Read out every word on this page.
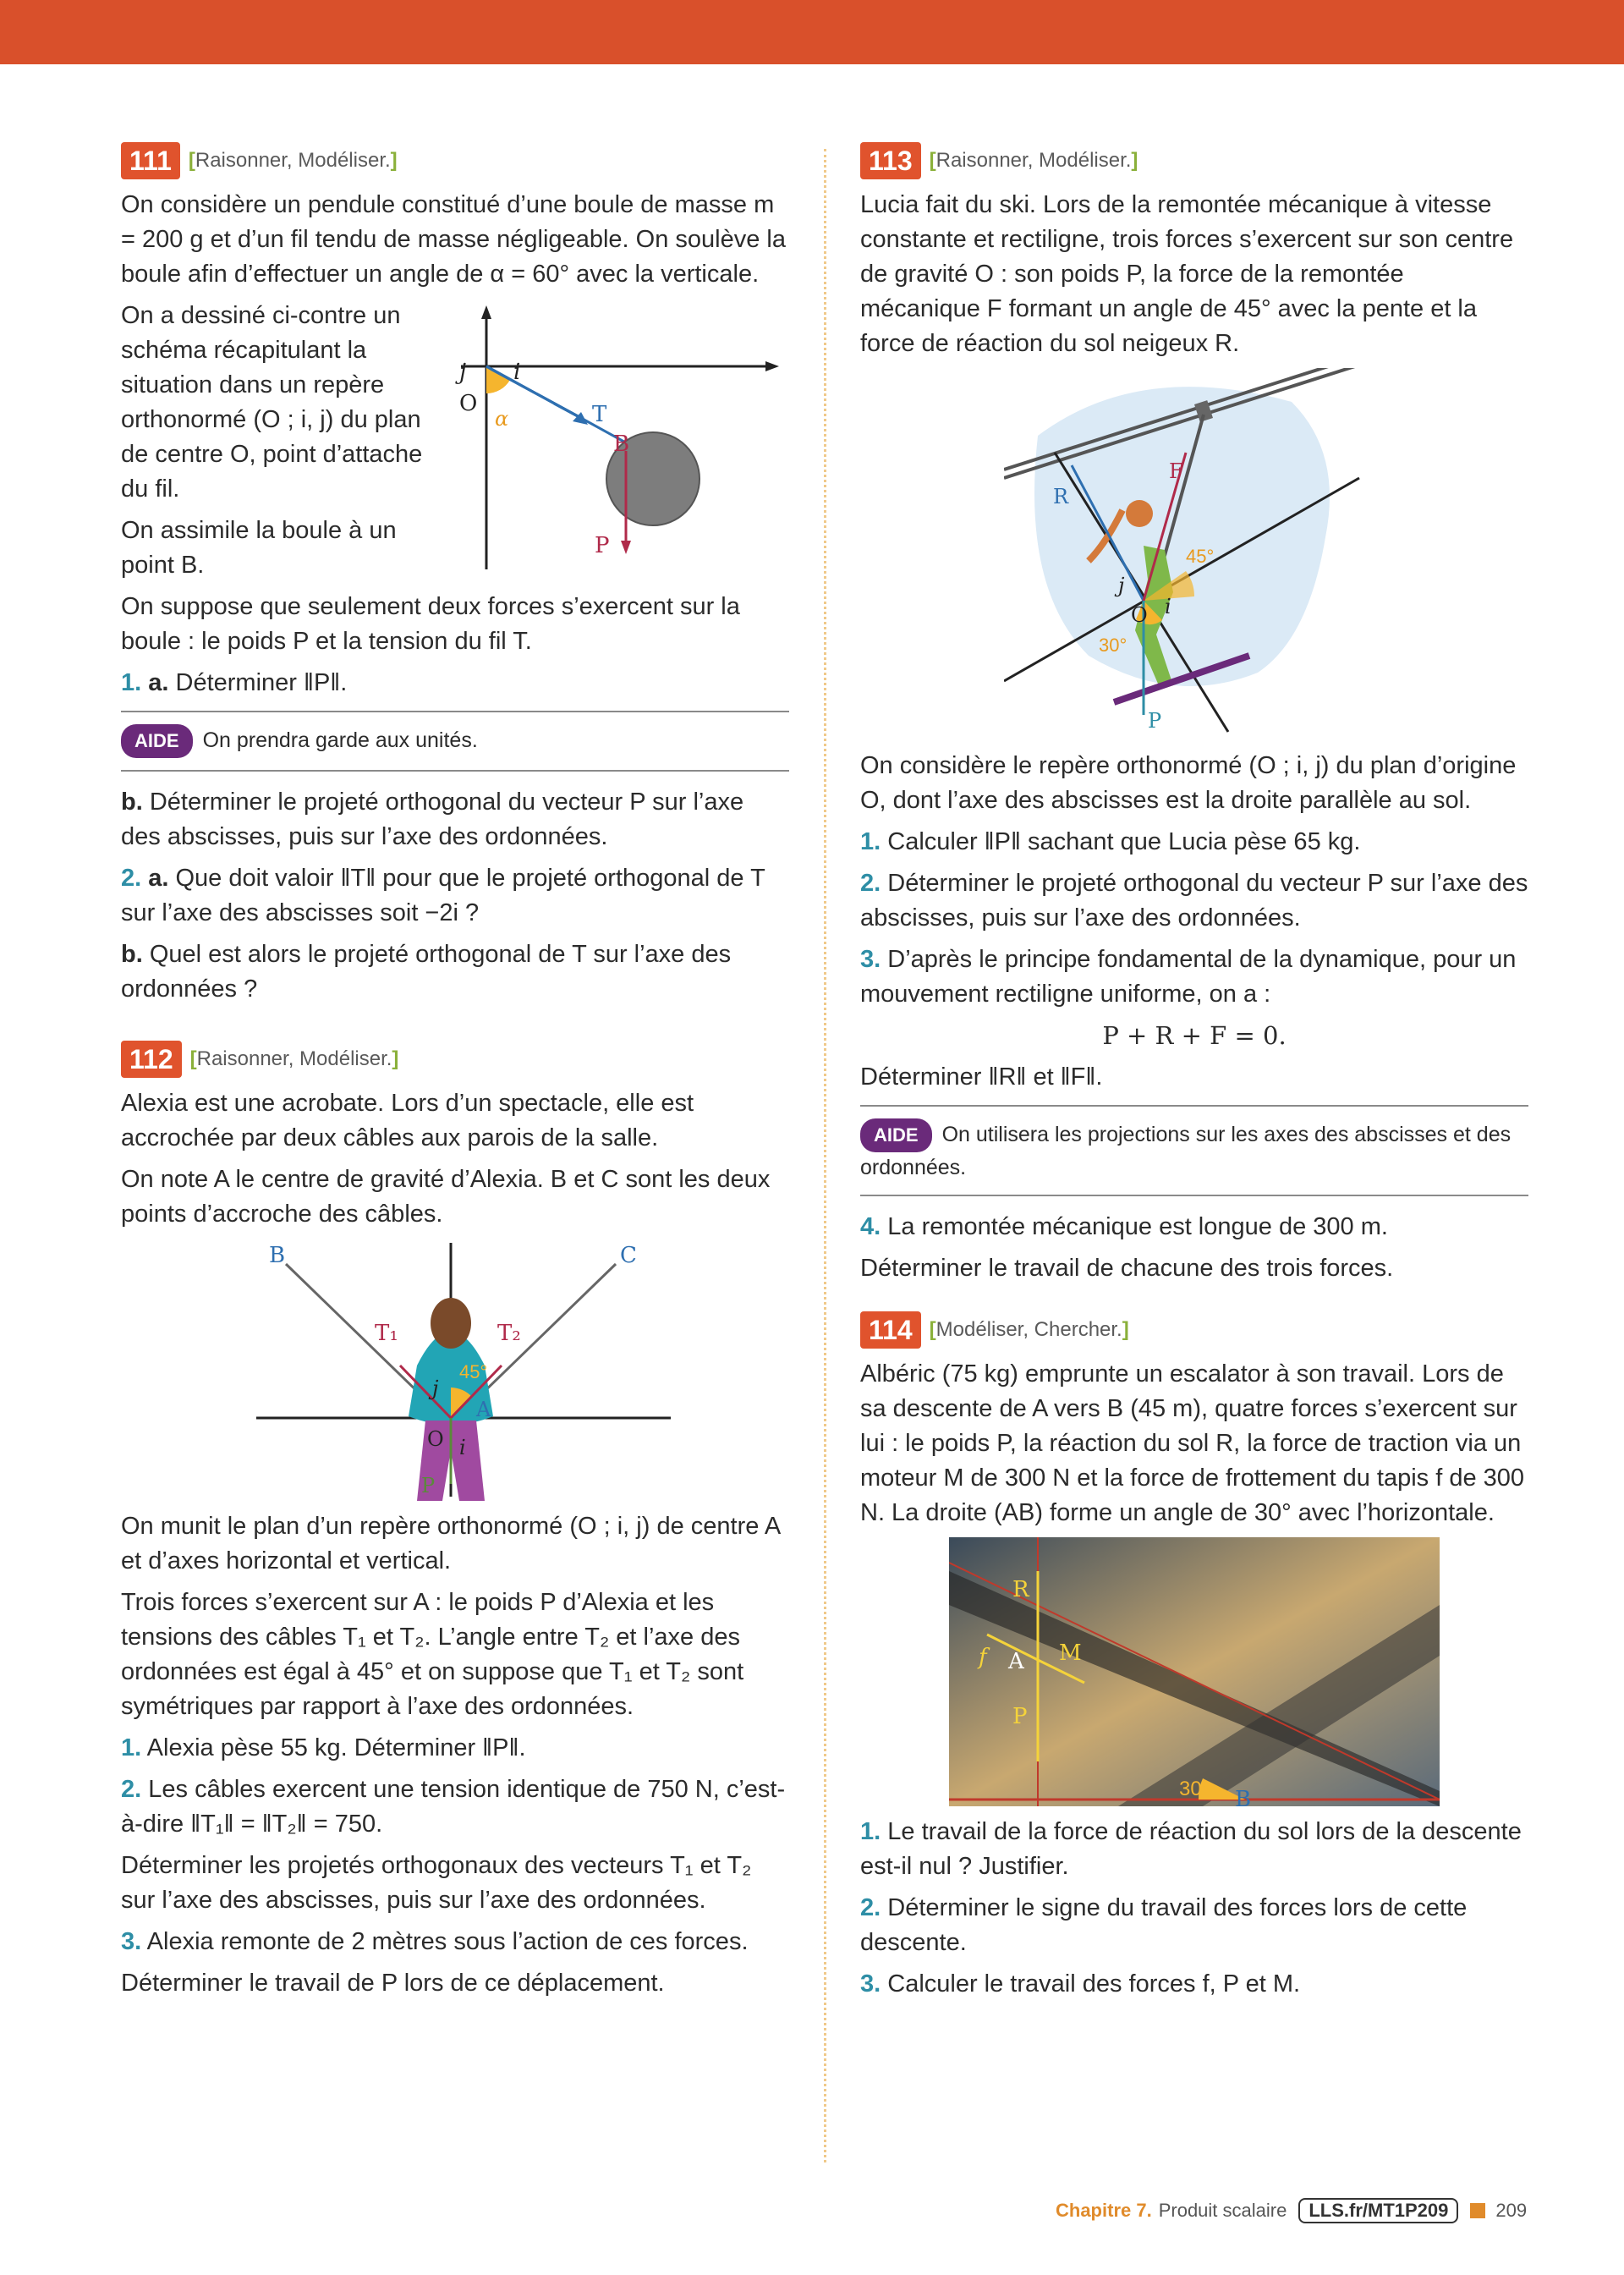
111 [Raisonner, Modéliser.]

On considère un pendule constitué d’une boule de masse m = 200 g et d’un fil tendu de masse négligeable. On soulève la boule afin d’effectuer un angle de α = 60° avec la verticale.

On a dessiné ci-contre un schéma récapitulant la situation dans un repère orthonormé (O ; i, j) du plan de centre O, point d’attache du fil.

On assimile la boule à un point B.

j i
O
α	T
B
P

On suppose que seulement deux forces s’exercent sur la boule : le poids P et la tension du fil T.

1. a. Déterminer ‖P‖.

AIDE On prendra garde aux unités.

b. Déterminer le projeté orthogonal du vecteur P sur l’axe des abscisses, puis sur l’axe des ordonnées.

2. a. Que doit valoir ‖T‖ pour que le projeté orthogonal de T sur l’axe des abscisses soit −2i ?

b. Quel est alors le projeté orthogonal de T sur l’axe des ordonnées ?

112 [Raisonner, Modéliser.]

Alexia est une acrobate. Lors d’un spectacle, elle est accrochée par deux câbles aux parois de la salle.

On note A le centre de gravité d’Alexia. B et C sont les deux points d’accroche des câbles.

B	C
T₁	T₂
45°
j
A
O i
P

On munit le plan d’un repère orthonormé (O ; i, j) de centre A et d’axes horizontal et vertical.

Trois forces s’exercent sur A : le poids P d’Alexia et les tensions des câbles T₁ et T₂. L’angle entre T₂ et l’axe des ordonnées est égal à 45° et on suppose que T₁ et T₂ sont symétriques par rapport à l’axe des ordonnées.

1. Alexia pèse 55 kg. Déterminer ‖P‖.

2. Les câbles exercent une tension identique de 750 N, c’est-à-dire ‖T₁‖ = ‖T₂‖ = 750.

Déterminer les projetés orthogonaux des vecteurs T₁ et T₂ sur l’axe des abscisses, puis sur l’axe des ordonnées.

3. Alexia remonte de 2 mètres sous l’action de ces forces.

Déterminer le travail de P lors de ce déplacement.

113 [Raisonner, Modéliser.]

Lucia fait du ski. Lors de la remontée mécanique à vitesse constante et rectiligne, trois forces s’exercent sur son centre de gravité O : son poids P, la force de la remontée mécanique F formant un angle de 45° avec la pente et la force de réaction du sol neigeux R.

R
F
45°
j
O i
30°
P

On considère le repère orthonormé (O ; i, j) du plan d’origine O, dont l’axe des abscisses est la droite parallèle au sol.

1. Calculer ‖P‖ sachant que Lucia pèse 65 kg.

2. Déterminer le projeté orthogonal du vecteur P sur l’axe des abscisses, puis sur l’axe des ordonnées.

3. D’après le principe fondamental de la dynamique, pour un mouvement rectiligne uniforme, on a :

P + R + F = 0.

Déterminer ‖R‖ et ‖F‖.

AIDE On utilisera les projections sur les axes des abscisses et des ordonnées.

4. La remontée mécanique est longue de 300 m.

Déterminer le travail de chacune des trois forces.

114 [Modéliser, Chercher.]

Albéric (75 kg) emprunte un escalator à son travail. Lors de sa descente de A vers B (45 m), quatre forces s’exercent sur lui : le poids P, la réaction du sol R, la force de traction via un moteur M de 300 N et la force de frottement du tapis f de 300 N. La droite (AB) forme un angle de 30° avec l’horizontale.

R
f A M
P
30° B

1. Le travail de la force de réaction du sol lors de la descente est-il nul ? Justifier.

2. Déterminer le signe du travail des forces lors de cette descente.

3. Calculer le travail des forces f, P et M.

Chapitre 7. Produit scalaire	LLS.fr/MT1P209	209
